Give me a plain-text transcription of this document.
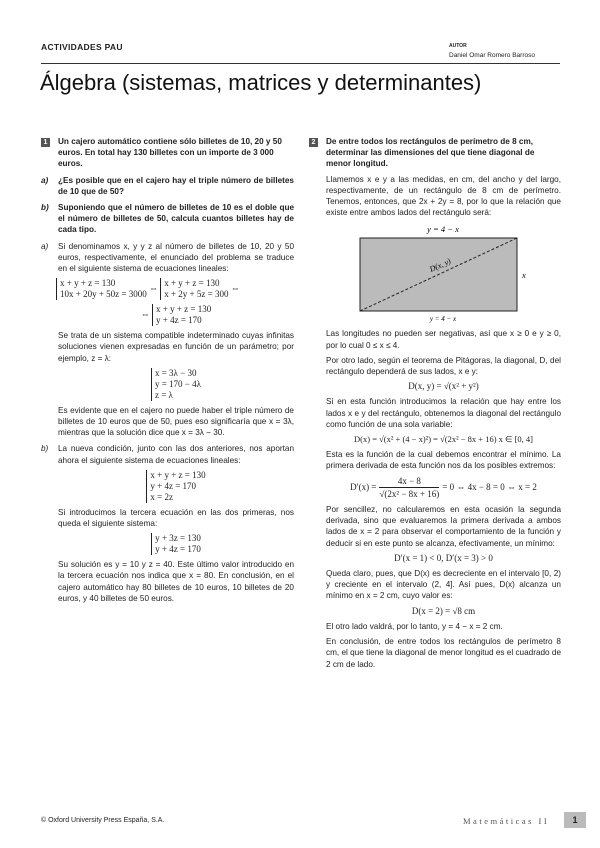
ACTIVIDADES PAU	AUTOR
Daniel Omar Romero Barroso
Álgebra (sistemas, matrices y determinantes)
1	Un cajero automático contiene sólo billetes de 10, 20 y 50 euros. En total hay 130 billetes con un importe de 3 000 euros.
a)	¿Es posible que en el cajero hay el triple número de billetes de 10 que de 50?
b)	Suponiendo que el número de billetes de 10 es el doble que el número de billetes de 50, calcula cuantos billetes hay de cada tipo.
a)	Si denominamos x, y y z al número de billetes de 10, 20 y 50 euros, respectivamente, el enunciado del problema se traduce en el siguiente sistema de ecuaciones lineales:
x + y + z = 130
10x + 20y + 50z = 3000
⇔
x + y + z = 130
x + 2y + 5z = 300
⇔
⇔
x + y + z = 130
y + 4z = 170
Se trata de un sistema compatible indeterminado cuyas infinitas soluciones vienen expresadas en función de un parámetro; por ejemplo, z = λ:
x = 3λ − 30
y = 170 − 4λ
z = λ
Es evidente que en el cajero no puede haber el triple número de billetes de 10 euros que de 50, pues eso significaría que x = 3λ, mientras que la solución dice que x = 3λ − 30.
b)	La nueva condición, junto con las dos anteriores, nos aportan ahora el siguiente sistema de ecuaciones lineales:
x + y + z = 130
y + 4z = 170
x = 2z
Si introducimos la tercera ecuación en las dos primeras, nos queda el siguiente sistema:
y + 3z = 130
y + 4z = 170
Su solución es y = 10 y z = 40. Este último valor introducido en la tercera ecuación nos indica que x = 80. En conclusión, en el cajero automático hay 80 billetes de 10 euros, 10 billetes de 20 euros, y 40 billetes de 50 euros.
2	De entre todos los rectángulos de perímetro de 8 cm, determinar las dimensiones del que tiene diagonal de menor longitud.
Llamemos x e y a las medidas, en cm, del ancho y del largo, respectivamente, de un rectángulo de 8 cm de perímetro. Tenemos, entonces, que 2x + 2y = 8, por lo que la relación que existe entre ambos lados del rectángulo será:
y = 4 − x
D(x, y)
x
y = 4 − x
Las longitudes no pueden ser negativas, así que x ≥ 0 e y ≥ 0, por lo cual 0 ≤ x ≤ 4.
Por otro lado, según el teorema de Pitágoras, la diagonal, D, del rectángulo dependerá de sus lados, x e y:
D(x, y) = √(x² + y²)
Si en esta función introducimos la relación que hay entre los lados x e y del rectángulo, obtenemos la diagonal del rectángulo como función de una sola variable:
D(x) = √(x² + (4 − x)²) = √(2x² − 8x + 16) x ∈ [0, 4]
Esta es la función de la cual debemos encontrar el mínimo. La primera derivada de esta función nos da los posibles extremos:
$D'(x) = \frac{4x - 8}{\text{√(2x² − 8x + 16)}} = 0$ ⇔ 4x − 8 = 0 ⇔ x = 2
Por sencillez, no calcularemos en esta ocasión la segunda derivada, sino que evaluaremos la primera derivada a ambos lados de x = 2 para observar el comportamiento de la función y deducir si en este punto se alcanza, efectivamente, un mínimo:
D′(x = 1) < 0, D′(x = 3) > 0
Queda claro, pues, que D(x) es decreciente en el intervalo [0, 2) y creciente en el intervalo (2, 4]. Así pues, D(x) alcanza un mínimo en x = 2 cm, cuyo valor es:
D(x = 2) = √8 cm
El otro lado valdrá, por lo tanto, y = 4 − x = 2 cm.
En conclusión, de entre todos los rectángulos de perímetro 8 cm, el que tiene la diagonal de menor longitud es el cuadrado de 2 cm de lado.
© Oxford University Press España, S.A.	Matemáticas II	1
